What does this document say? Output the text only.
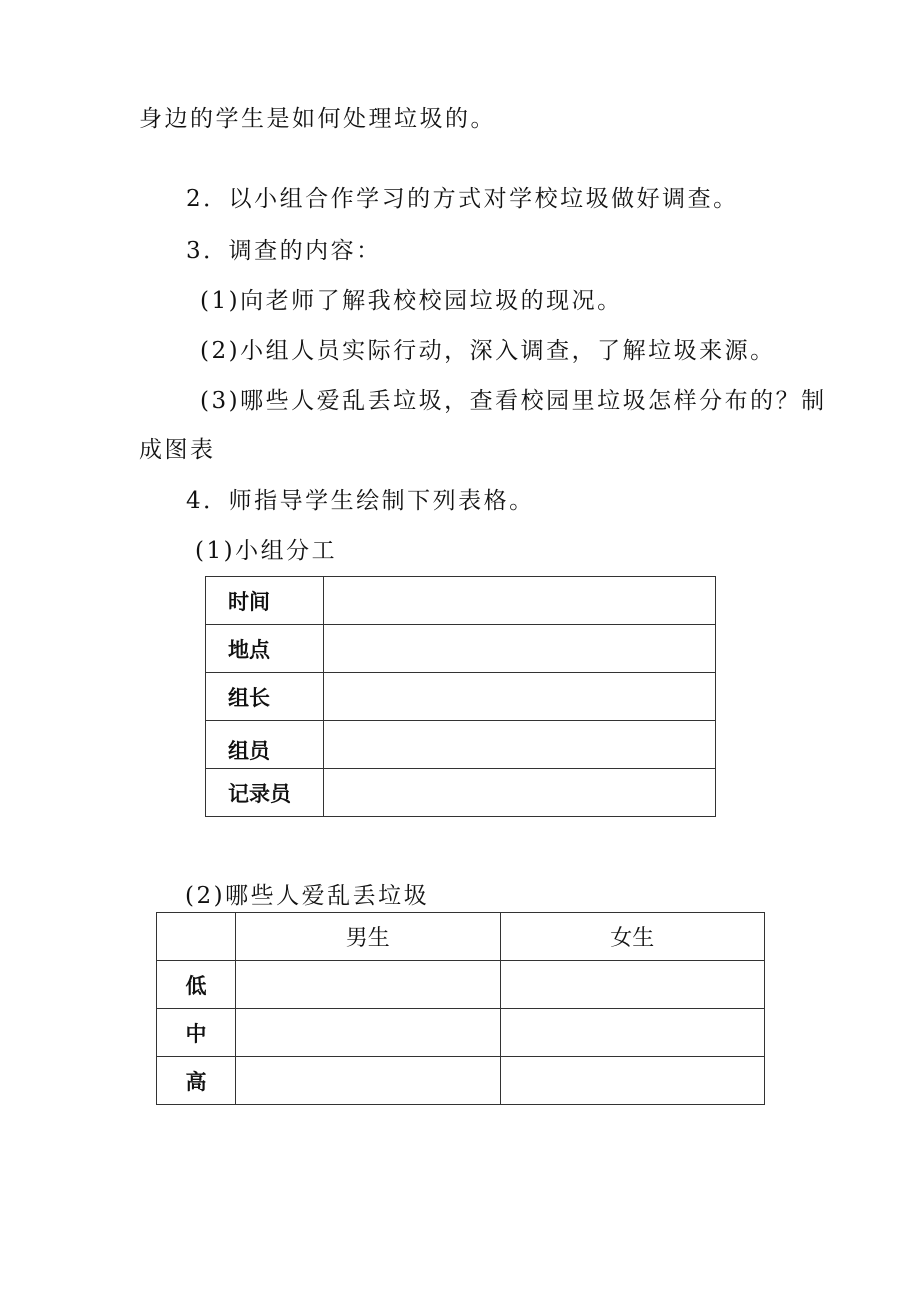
身边的学生是如何处理垃圾的。
2．以小组合作学习的方式对学校垃圾做好调查。
3．调查的内容：
(1)向老师了解我校校园垃圾的现况。
(2)小组人员实际行动，深入调查，了解垃圾来源。
(3)哪些人爱乱丢垃圾，查看校园里垃圾怎样分布的？制
成图表
4．师指导学生绘制下列表格。
(1)小组分工
时间	
地点	
组长	
组员	
记录员	
(2)哪些人爱乱丢垃圾
	男生	女生
低		
中		
高		
